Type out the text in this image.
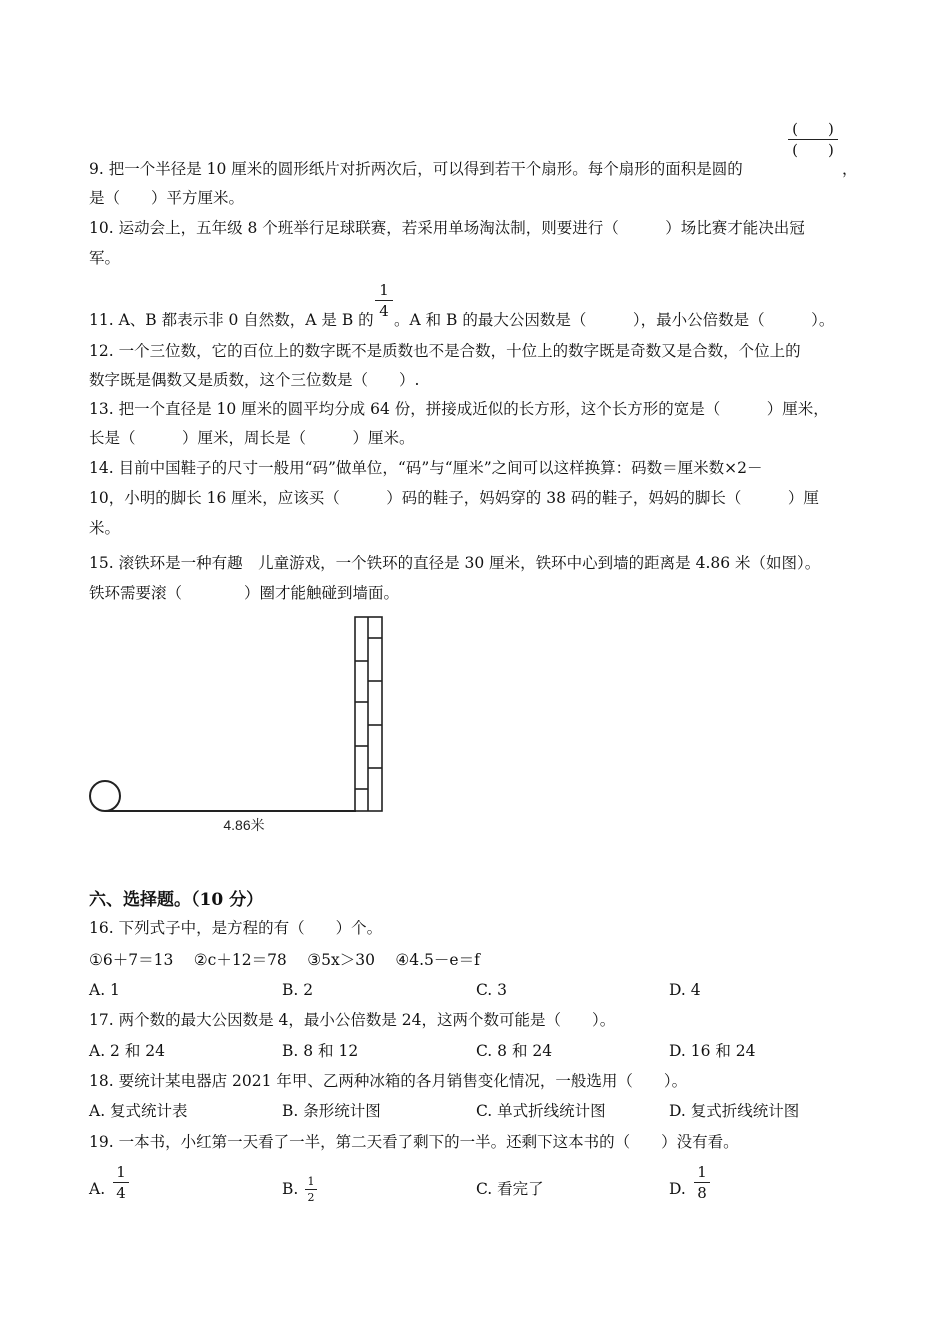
9. 把一个半径是 10 厘米的圆形纸片对折两次后，可以得到若干个扇形。每个扇形的面积是圆的
(　　)
(　　)
，
是（　　）平方厘米。
10. 运动会上，五年级 8 个班举行足球联赛，若采用单场淘汰制，则要进行（　　　）场比赛才能决出冠
军。
11. A、B 都表示非 0 自然数，A 是 B 的
1
4 。A 和 B 的最大公因数是（　　　），最小公倍数是（　　　）。
12. 一个三位数，它的百位上的数字既不是质数也不是合数，十位上的数字既是奇数又是合数，个位上的
数字既是偶数又是质数，这个三位数是（　　）.
13. 把一个直径是 10 厘米的圆平均分成 64 份，拼接成近似的长方形，这个长方形的宽是（　　　）厘米，
长是（　　　）厘米，周长是（　　　）厘米。
14. 目前中国鞋子的尺寸一般用“码”做单位，“码”与“厘米”之间可以这样换算：码数＝厘米数×2－
10，小明的脚长 16 厘米，应该买（　　　）码的鞋子，妈妈穿的 38 码的鞋子，妈妈的脚长（　　　）厘
米。
15. 滚铁环是一种有趣　儿童游戏，一个铁环的直径是 30 厘米，铁环中心到墙的距离是 4.86 米（如图）。
铁环需要滚（　　　　）圈才能触碰到墙面。
4.86米
六、选择题。（10 分）
16. 下列式子中，是方程的有（　　）个。
①6＋7＝13　 ②c＋12＝78　 ③5x＞30　 ④4.5－e＝f
A. 1	B. 2	C. 3	D. 4
17. 两个数的最大公因数是 4，最小公倍数是 24，这两个数可能是（　　）。
A. 2 和 24	B. 8 和 12	C. 8 和 24	D. 16 和 24
18. 要统计某电器店 2021 年甲、乙两种冰箱的各月销售变化情况，一般选用（　　）。
A. 复式统计表	B. 条形统计图	C. 单式折线统计图	D. 复式折线统计图
19. 一本书，小红第一天看了一半，第二天看了剩下的一半。还剩下这本书的（　　）没有看。
A.
1
4	B. 1
2	C. 看完了	D.
1
8
